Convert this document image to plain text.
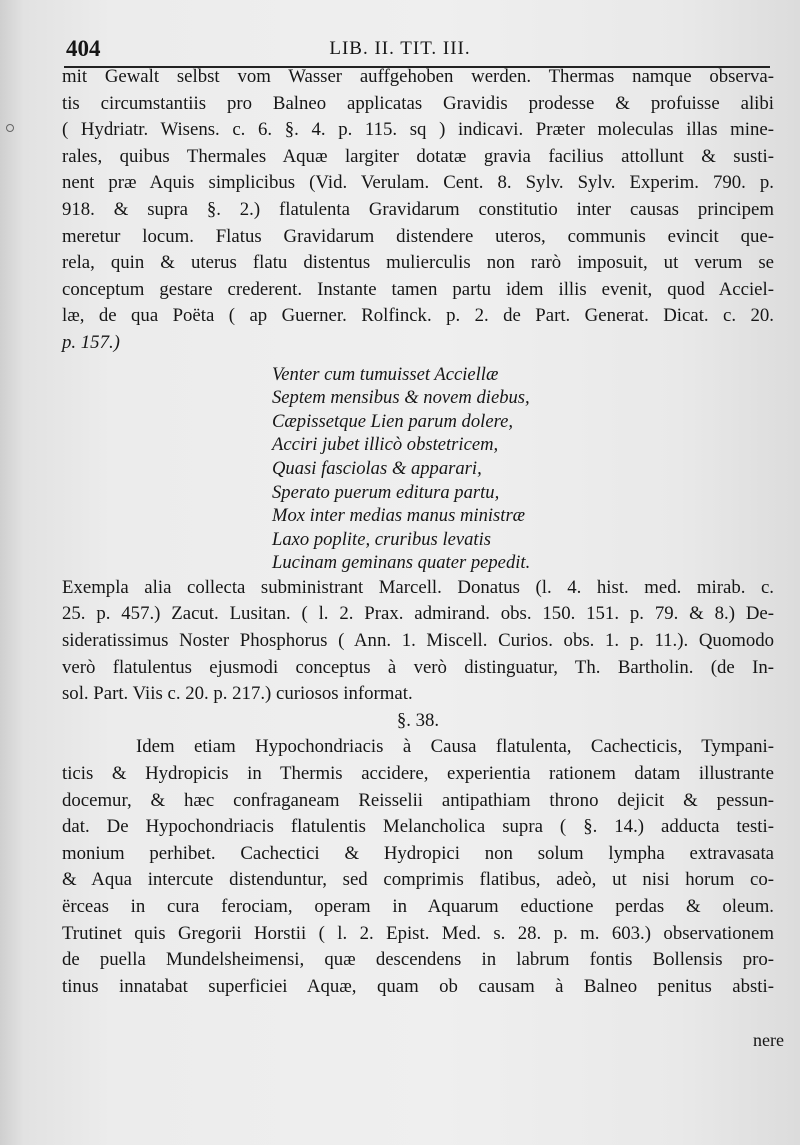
404	LIB. II. TIT. III.
mit Gewalt selbst vom Wasser auffgehoben werden. Thermas namque observa-
tis circumstantiis pro Balneo applicatas Gravidis prodesse & profuisse alibi
( Hydriatr. Wisens. c. 6. §. 4. p. 115. sq ) indicavi. Præter moleculas illas mine-
rales, quibus Thermales Aquæ largiter dotatæ gravia facilius attollunt & susti-
nent præ Aquis simplicibus (Vid. Verulam. Cent. 8. Sylv. Sylv. Experim. 790. p.
918. & supra §. 2.) flatulenta Gravidarum constitutio inter causas principem
meretur locum. Flatus Gravidarum distendere uteros, communis evincit que-
rela, quin & uterus flatu distentus mulierculis non rarò imposuit, ut verum se
conceptum gestare crederent. Instante tamen partu idem illis evenit, quod Acciel-
læ, de qua Poëta ( ap Guerner. Rolfinck. p. 2. de Part. Generat. Dicat. c. 20.
p. 157.)
Venter cum tumuisset Acciellæ
Septem mensibus & novem diebus,
Cæpissetque Lien parum dolere,
Acciri jubet illicò obstetricem,
Quasi fasciolas & apparari,
Sperato puerum editura partu,
Mox inter medias manus ministræ
Laxo poplite, cruribus levatis
Lucinam geminans quater pepedit.
Exempla alia collecta subministrant Marcell. Donatus (l. 4. hist. med. mirab. c.
25. p. 457.) Zacut. Lusitan. ( l. 2. Prax. admirand. obs. 150. 151. p. 79. & 8.) De-
sideratissimus Noster Phosphorus ( Ann. 1. Miscell. Curios. obs. 1. p. 11.). Quomodo
verò flatulentus ejusmodi conceptus à verò distinguatur, Th. Bartholin. (de In-
sol. Part. Viis c. 20. p. 217.) curiosos informat.
§. 38.
Idem etiam Hypochondriacis à Causa flatulenta, Cachecticis, Tympani-
ticis & Hydropicis in Thermis accidere, experientia rationem datam illustrante
docemur, & hæc confraganeam Reisselii antipathiam throno dejicit & pessun-
dat. De Hypochondriacis flatulentis Melancholica supra ( §. 14.) adducta testi-
monium perhibet. Cachectici & Hydropici non solum lympha extravasata
& Aqua intercute distenduntur, sed comprimis flatibus, adeò, ut nisi horum co-
ërceas in cura ferociam, operam in Aquarum eductione perdas & oleum.
Trutinet quis Gregorii Horstii ( l. 2. Epist. Med. s. 28. p. m. 603.) observationem
de puella Mundelsheimensi, quæ descendens in labrum fontis Bollensis pro-
tinus innatabat superficiei Aquæ, quam ob causam à Balneo penitus absti-
nere
